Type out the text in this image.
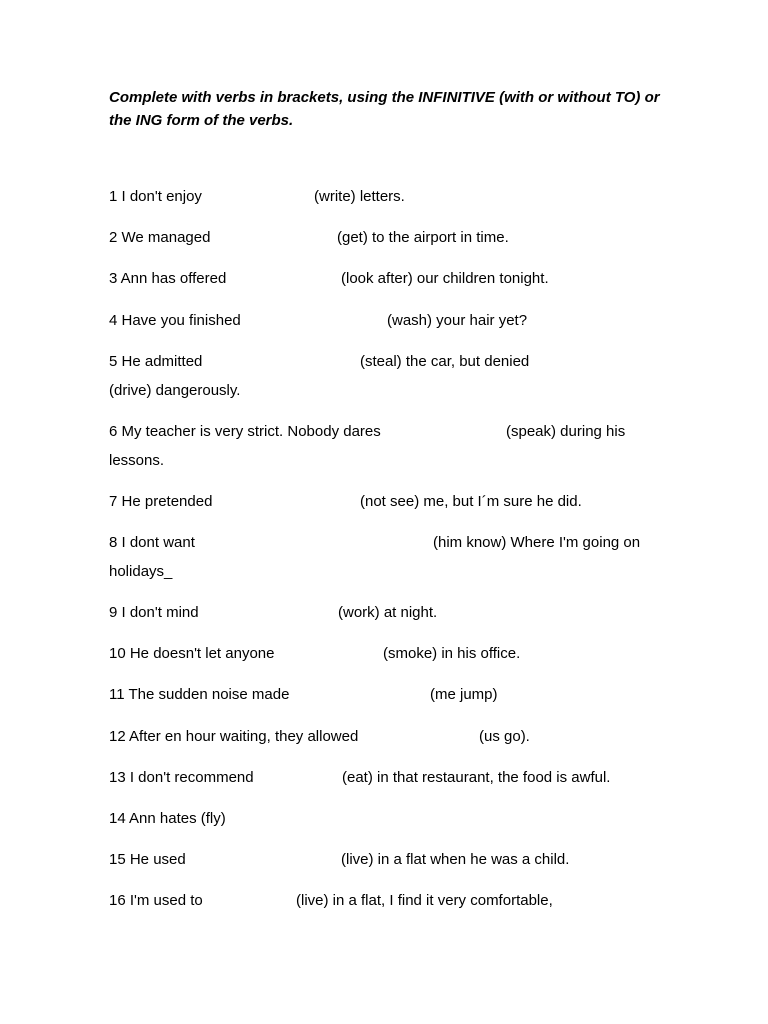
Complete with verbs in brackets, using the INFINITIVE (with or without TO) or the ING form of the verbs.

1 I don't enjoy	(write) letters.
2 We managed	(get) to the airport in time.
3 Ann has offered	(look after) our children tonight.
4 Have you finished	(wash) your hair yet?
5 He admitted	(steal) the car, but denied
(drive) dangerously.
6 My teacher is very strict. Nobody dares	(speak) during his
lessons.
7 He pretended	(not see) me, but I´m sure he did.
8 I dont want	(him know) Where I'm going on
holidays_
9 I don't mind	(work) at night.
10 He doesn't let anyone	(smoke) in his office.
11 The sudden noise made	(me jump)
12 After en hour waiting, they allowed	(us go).
13 I don't recommend	(eat) in that restaurant, the food is awful.
14 Ann hates (fly)
15 He used	(live) in a flat when he was a child.
16 I'm used to	(live) in a flat, I find it very comfortable,
